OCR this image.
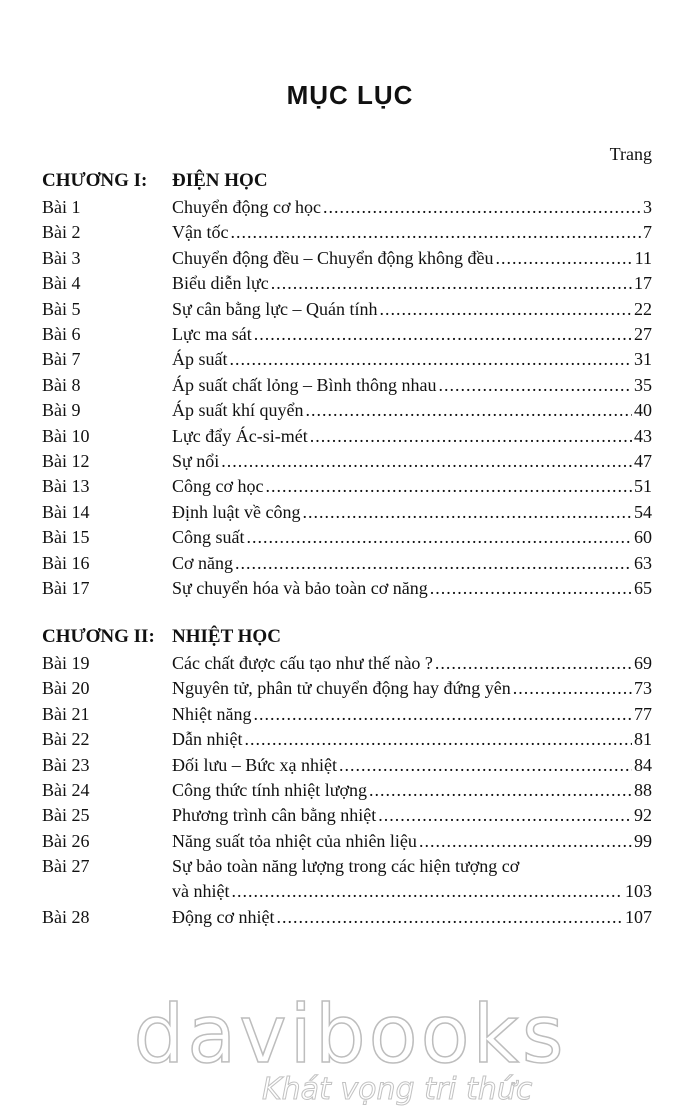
MỤC LỤC
Trang
CHƯƠNG I: ĐIỆN HỌC
Bài 1	Chuyển động cơ học .....	3
Bài 2	Vận tốc .....	7
Bài 3	Chuyển động đều – Chuyển động không đều .....	11
Bài 4	Biểu diễn lực .....	17
Bài 5	Sự cân bằng lực – Quán tính .....	22
Bài 6	Lực ma sát .....	27
Bài 7	Áp suất .....	31
Bài 8	Áp suất chất lỏng – Bình thông nhau .....	35
Bài 9	Áp suất khí quyển .....	40
Bài 10	Lực đẩy Ác-si-mét .....	43
Bài 12	Sự nổi .....	47
Bài 13	Công cơ học .....	51
Bài 14	Định luật về công .....	54
Bài 15	Công suất .....	60
Bài 16	Cơ năng .....	63
Bài 17	Sự chuyển hóa và bảo toàn cơ năng .....	65
CHƯƠNG II: NHIỆT HỌC
Bài 19	Các chất được cấu tạo như thế nào ? .....	69
Bài 20	Nguyên tử, phân tử chuyển động hay đứng yên .....	73
Bài 21	Nhiệt năng .....	77
Bài 22	Dẫn nhiệt .....	81
Bài 23	Đối lưu – Bức xạ nhiệt .....	84
Bài 24	Công thức tính nhiệt lượng .....	88
Bài 25	Phương trình cân bằng nhiệt .....	92
Bài 26	Năng suất tỏa nhiệt của nhiên liệu .....	99
Bài 27	Sự bảo toàn năng lượng trong các hiện tượng cơ
và nhiệt .....	103
Bài 28	Động cơ nhiệt .....	107
davibooks
Khát vọng tri thức
